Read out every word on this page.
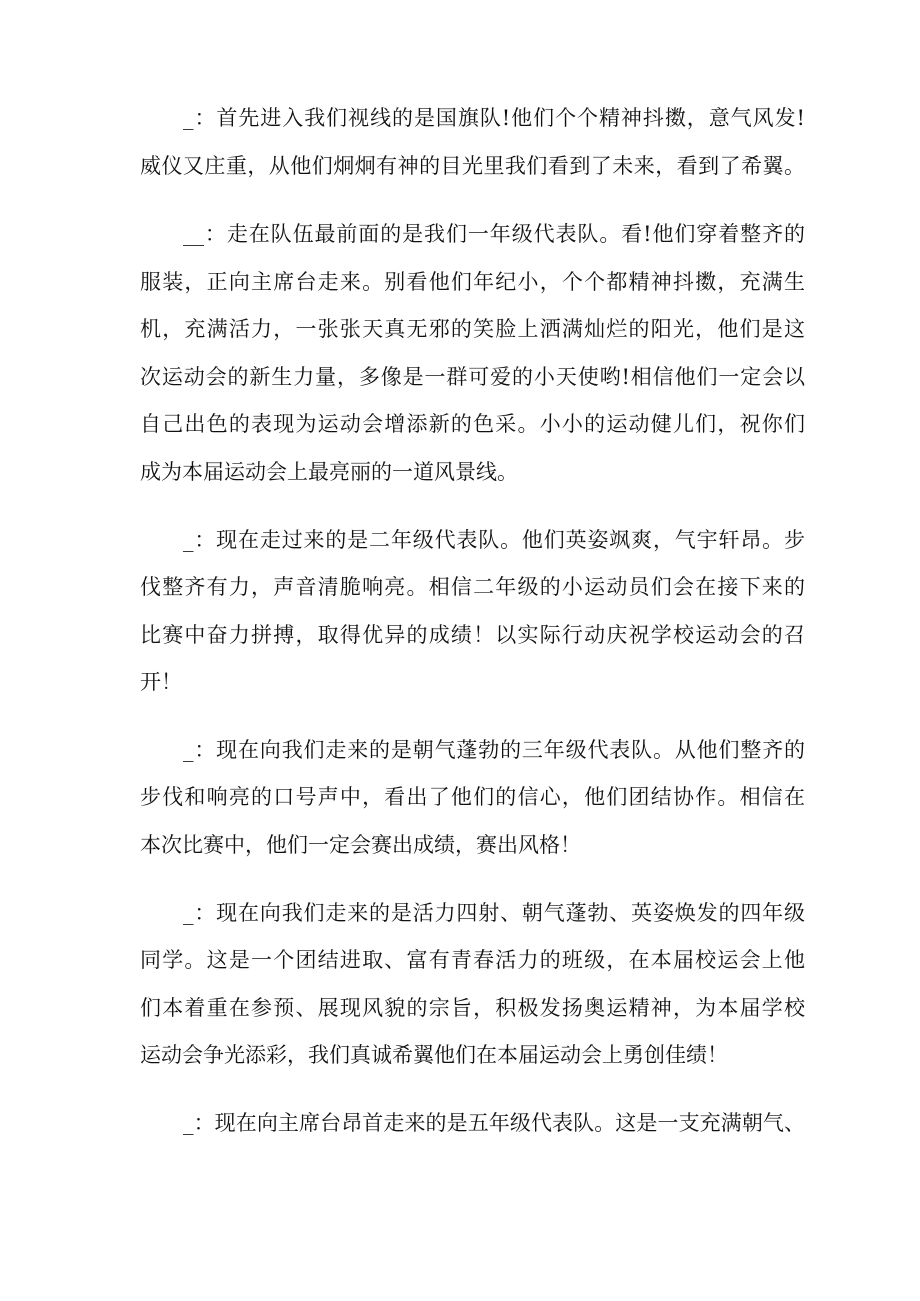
_：首先进入我们视线的是国旗队!他们个个精神抖擞，意气风发!
威仪又庄重，从他们炯炯有神的目光里我们看到了未来，看到了希翼。
__：走在队伍最前面的是我们一年级代表队。看!他们穿着整齐的
服装，正向主席台走来。别看他们年纪小，个个都精神抖擞，充满生
机，充满活力，一张张天真无邪的笑脸上洒满灿烂的阳光，他们是这
次运动会的新生力量，多像是一群可爱的小天使哟!相信他们一定会以
自己出色的表现为运动会增添新的色采。小小的运动健儿们，祝你们
成为本届运动会上最亮丽的一道风景线。
_：现在走过来的是二年级代表队。他们英姿飒爽，气宇轩昂。步
伐整齐有力，声音清脆响亮。相信二年级的小运动员们会在接下来的
比赛中奋力拼搏，取得优异的成绩！以实际行动庆祝学校运动会的召
开！
_：现在向我们走来的是朝气蓬勃的三年级代表队。从他们整齐的
步伐和响亮的口号声中，看出了他们的信心，他们团结协作。相信在
本次比赛中，他们一定会赛出成绩，赛出风格！
_：现在向我们走来的是活力四射、朝气蓬勃、英姿焕发的四年级
同学。这是一个团结进取、富有青春活力的班级，在本届校运会上他
们本着重在参预、展现风貌的宗旨，积极发扬奥运精神，为本届学校
运动会争光添彩，我们真诚希翼他们在本届运动会上勇创佳绩！
_：现在向主席台昂首走来的是五年级代表队。这是一支充满朝气、
